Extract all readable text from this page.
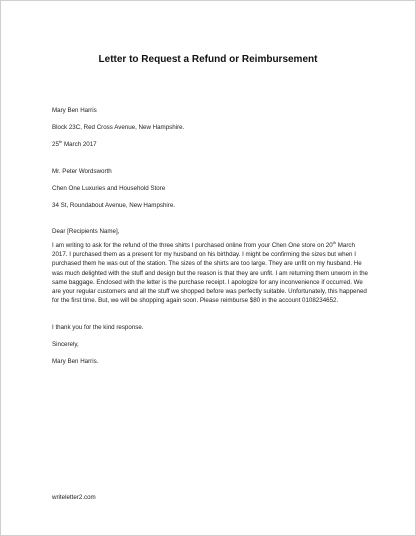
Letter to Request a Refund or Reimbursement
Mary Ben Harris
Block 23C, Red Cross Avenue, New Hampshire.
25th March 2017
Mr. Peter Wordsworth
Chen One Luxuries and Household Store
34 St, Roundabout Avenue, New Hampshire.
Dear [Recipients Name],
I am writing to ask for the refund of the three shirts I purchased online from your Chen One store on 20th March 2017. I purchased them as a present for my husband on his birthday. I might be confirming the sizes but when I purchased them he was out of the station. The sizes of the shirts are too large. They are unfit on my husband. He was much delighted with the stuff and design but the reason is that they are unfit. I am returning them unworn in the same baggage. Enclosed with the letter is the purchase receipt. I apologize for any inconvenience if occurred. We are your regular customers and all the stuff we shopped before was perfectly suitable. Unfortunately, this happened for the first time. But, we will be shopping again soon. Please reimburse $80 in the account 0108234652.
I thank you for the kind response.
Sincerely,
Mary Ben Harris.
writeletter2.com
